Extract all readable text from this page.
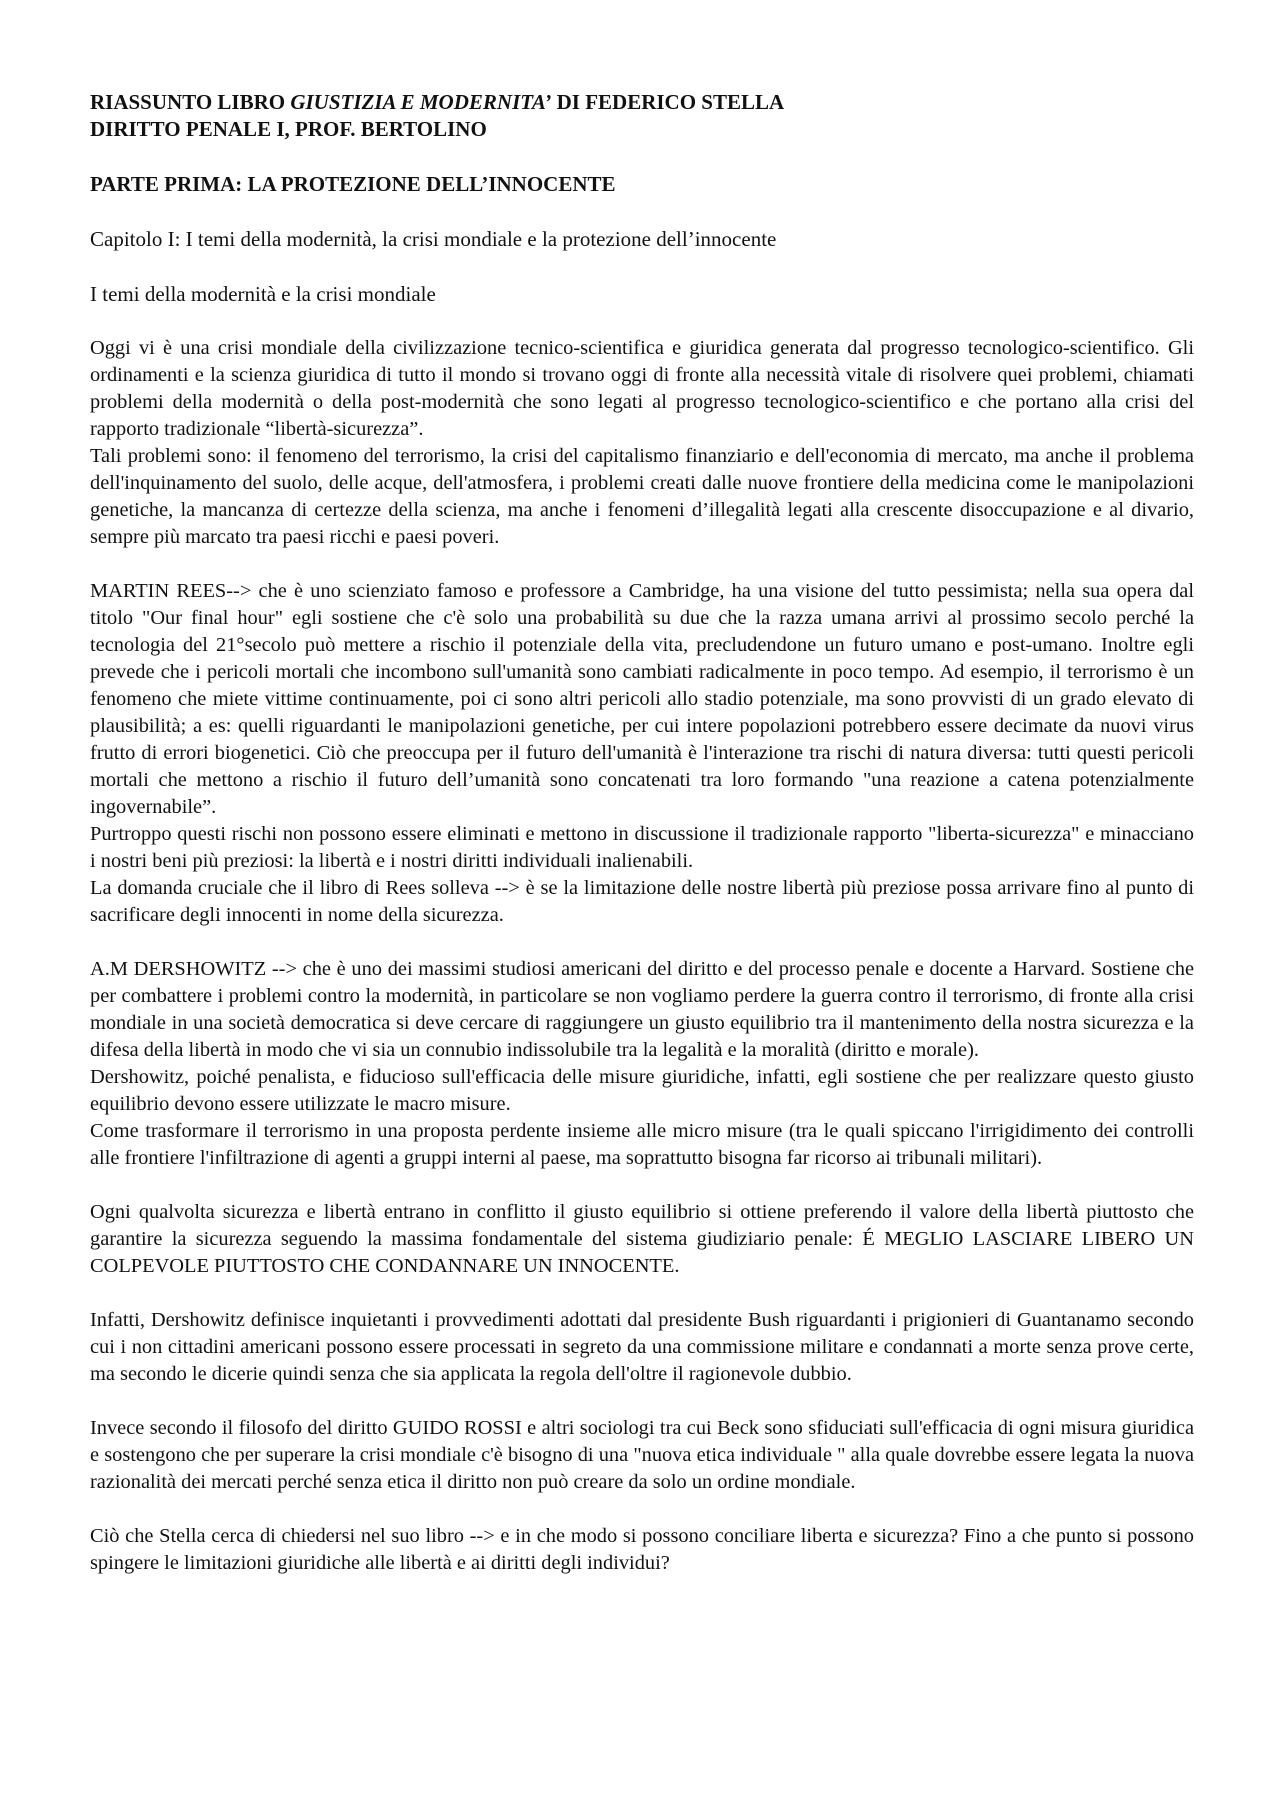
RIASSUNTO LIBRO GIUSTIZIA E MODERNITA’ DI FEDERICO STELLA

DIRITTO PENALE I, PROF. BERTOLINO

PARTE PRIMA: LA PROTEZIONE DELL’INNOCENTE

Capitolo I: I temi della modernità, la crisi mondiale e la protezione dell’innocente

I temi della modernità e la crisi mondiale

Oggi vi è una crisi mondiale della civilizzazione tecnico-scientifica e giuridica generata dal progresso tecnologico-scientifico. Gli ordinamenti e la scienza giuridica di tutto il mondo si trovano oggi di fronte alla necessità vitale di risolvere quei problemi, chiamati problemi della modernità o della post-modernità che sono legati al progresso tecnologico-scientifico e che portano alla crisi del rapporto tradizionale “libertà-sicurezza”.

Tali problemi sono: il fenomeno del terrorismo, la crisi del capitalismo finanziario e dell'economia di mercato, ma anche il problema dell'inquinamento del suolo, delle acque, dell'atmosfera, i problemi creati dalle nuove frontiere della medicina come le manipolazioni genetiche, la mancanza di certezze della scienza, ma anche i fenomeni d’illegalità legati alla crescente disoccupazione e al divario, sempre più marcato tra paesi ricchi e paesi poveri.

MARTIN REES--> che è uno scienziato famoso e professore a Cambridge, ha una visione del tutto pessimista; nella sua opera dal titolo "Our final hour" egli sostiene che c'è solo una probabilità su due che la razza umana arrivi al prossimo secolo perché la tecnologia del 21°secolo può mettere a rischio il potenziale della vita, precludendone un futuro umano e post-umano. Inoltre egli prevede che i pericoli mortali che incombono sull'umanità sono cambiati radicalmente in poco tempo. Ad esempio, il terrorismo è un fenomeno che miete vittime continuamente, poi ci sono altri pericoli allo stadio potenziale, ma sono provvisti di un grado elevato di plausibilità; a es: quelli riguardanti le manipolazioni genetiche, per cui intere popolazioni potrebbero essere decimate da nuovi virus frutto di errori biogenetici. Ciò che preoccupa per il futuro dell'umanità è l'interazione tra rischi di natura diversa: tutti questi pericoli mortali che mettono a rischio il futuro dell’umanità sono concatenati tra loro formando "una reazione a catena potenzialmente ingovernabile”.

Purtroppo questi rischi non possono essere eliminati e mettono in discussione il tradizionale rapporto "liberta-sicurezza" e minacciano i nostri beni più preziosi: la libertà e i nostri diritti individuali inalienabili.

La domanda cruciale che il libro di Rees solleva --> è se la limitazione delle nostre libertà più preziose possa arrivare fino al punto di sacrificare degli innocenti in nome della sicurezza.

A.M DERSHOWITZ --> che è uno dei massimi studiosi americani del diritto e del processo penale e docente a Harvard. Sostiene che per combattere i problemi contro la modernità, in particolare se non vogliamo perdere la guerra contro il terrorismo, di fronte alla crisi mondiale in una società democratica si deve cercare di raggiungere un giusto equilibrio tra il mantenimento della nostra sicurezza e la difesa della libertà in modo che vi sia un connubio indissolubile tra la legalità e la moralità (diritto e morale).

Dershowitz, poiché penalista, e fiducioso sull'efficacia delle misure giuridiche, infatti, egli sostiene che per realizzare questo giusto equilibrio devono essere utilizzate le macro misure.

Come trasformare il terrorismo in una proposta perdente insieme alle micro misure (tra le quali spiccano l'irrigidimento dei controlli alle frontiere l'infiltrazione di agenti a gruppi interni al paese, ma soprattutto bisogna far ricorso ai tribunali militari).

Ogni qualvolta sicurezza e libertà entrano in conflitto il giusto equilibrio si ottiene preferendo il valore della libertà piuttosto che garantire la sicurezza seguendo la massima fondamentale del sistema giudiziario penale: É MEGLIO LASCIARE LIBERO UN COLPEVOLE PIUTTOSTO CHE CONDANNARE UN INNOCENTE.

Infatti, Dershowitz definisce inquietanti i provvedimenti adottati dal presidente Bush riguardanti i prigionieri di Guantanamo secondo cui i non cittadini americani possono essere processati in segreto da una commissione militare e condannati a morte senza prove certe, ma secondo le dicerie quindi senza che sia applicata la regola dell'oltre il ragionevole dubbio.

Invece secondo il filosofo del diritto GUIDO ROSSI e altri sociologi tra cui Beck sono sfiduciati sull'efficacia di ogni misura giuridica e sostengono che per superare la crisi mondiale c'è bisogno di una "nuova etica individuale " alla quale dovrebbe essere legata la nuova razionalità dei mercati perché senza etica il diritto non può creare da solo un ordine mondiale.

Ciò che Stella cerca di chiedersi nel suo libro --> e in che modo si possono conciliare liberta e sicurezza? Fino a che punto si possono spingere le limitazioni giuridiche alle libertà e ai diritti degli individui?
